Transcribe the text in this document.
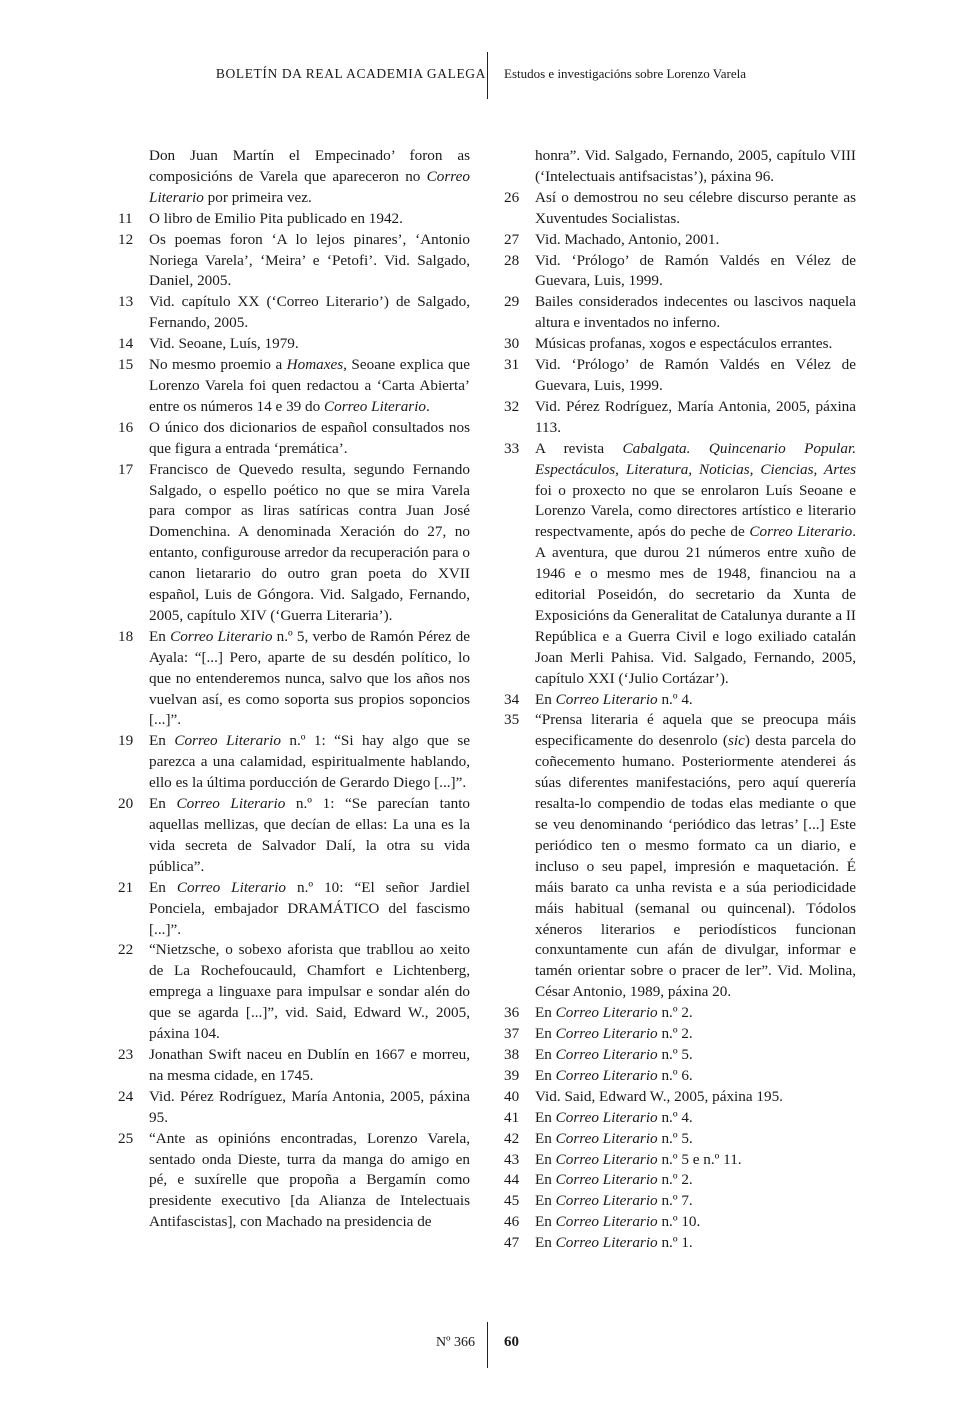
BOLETÍN DA REAL ACADEMIA GALEGA Estudos e investigacións sobre Lorenzo Varela
Don Juan Martín el Empecinado’ foron as composicións de Varela que apareceron no Correo Literario por primeira vez.
11	O libro de Emilio Pita publicado en 1942.
12	Os poemas foron ‘A lo lejos pinares’, ‘Antonio Noriega Varela’, ‘Meira’ e ‘Petofi’. Vid. Salgado, Daniel, 2005.
13	Vid. capítulo XX (‘Correo Literario’) de Salgado, Fernando, 2005.
14	Vid. Seoane, Luís, 1979.
15	No mesmo proemio a Homaxes, Seoane explica que Lorenzo Varela foi quen redactou a ‘Carta Abierta’ entre os números 14 e 39 do Correo Literario.
16	O único dos dicionarios de español consultados nos que figura a entrada ‘premática’.
17	Francisco de Quevedo resulta, segundo Fernando Salgado, o espello poético no que se mira Varela para compor as liras satíricas contra Juan José Domenchina. A denominada Xeración do 27, no entanto, configurouse arredor da recuperación para o canon lietarario do outro gran poeta do XVII español, Luis de Góngora. Vid. Salgado, Fernando, 2005, capítulo XIV (‘Guerra Literaria’).
18	En Correo Literario n.º 5, verbo de Ramón Pérez de Ayala: “[...] Pero, aparte de su desdén político, lo que no entenderemos nunca, salvo que los años nos vuelvan así, es como soporta sus propios soponcios [...]”.
19	En Correo Literario n.º 1: “Si hay algo que se parezca a una calamidad, espiritualmente hablando, ello es la última porducción de Gerardo Diego [...]”.
20	En Correo Literario n.º 1: “Se parecían tanto aquellas mellizas, que decían de ellas: La una es la vida secreta de Salvador Dalí, la otra su vida pública”.
21	En Correo Literario n.º 10: “El señor Jardiel Ponciela, embajador DRAMÁTICO del fascismo [...]”.
22	“Nietzsche, o sobexo aforista que trabllou ao xeito de La Rochefoucauld, Chamfort e Lichtenberg, emprega a linguaxe para impulsar e sondar alén do que se agarda [...]”, vid. Said, Edward W., 2005, páxina 104.
23	Jonathan Swift naceu en Dublín en 1667 e morreu, na mesma cidade, en 1745.
24	Vid. Pérez Rodríguez, María Antonia, 2005, páxina 95.
25	“Ante as opinións encontradas, Lorenzo Varela, sentado onda Dieste, turra da manga do amigo en pé, e suxírelle que propoña a Bergamín como presidente executivo [da Alianza de Intelectuais Antifascistas], con Machado na presidencia de
honra”. Vid. Salgado, Fernando, 2005, capítulo VIII (‘Intelectuais antifsacistas’), páxina 96.
26	Así o demostrou no seu célebre discurso perante as Xuventudes Socialistas.
27	Vid. Machado, Antonio, 2001.
28	Vid. ‘Prólogo’ de Ramón Valdés en Vélez de Guevara, Luis, 1999.
29	Bailes considerados indecentes ou lascivos naquela altura e inventados no inferno.
30	Músicas profanas, xogos e espectáculos errantes.
31	Vid. ‘Prólogo’ de Ramón Valdés en Vélez de Guevara, Luis, 1999.
32	Vid. Pérez Rodríguez, María Antonia, 2005, páxina 113.
33	A revista Cabalgata. Quincenario Popular. Espectáculos, Literatura, Noticias, Ciencias, Artes foi o proxecto no que se enrolaron Luís Seoane e Lorenzo Varela, como directores artístico e literario respectvamente, após do peche de Correo Literario. A aventura, que durou 21 números entre xuño de 1946 e o mesmo mes de 1948, financiou na a editorial Poseidón, do secretario da Xunta de Exposicións da Generalitat de Catalunya durante a II República e a Guerra Civil e logo exiliado catalán Joan Merli Pahisa. Vid. Salgado, Fernando, 2005, capítulo XXI (‘Julio Cortázar’).
34	En Correo Literario n.º 4.
35	“Prensa literaria é aquela que se preocupa máis especificamente do desenrolo (sic) desta parcela do coñecemento humano. Posteriormente atenderei ás súas diferentes manifestacións, pero aquí querería resalta-lo compendio de todas elas mediante o que se veu denominando ‘periódico das letras’ [...] Este periódico ten o mesmo formato ca un diario, e incluso o seu papel, impresión e maquetación. É máis barato ca unha revista e a súa periodicidade máis habitual (semanal ou quincenal). Tódolos xéneros literarios e periodísticos funcionan conxuntamente cun afán de divulgar, informar e tamén orientar sobre o pracer de ler”. Vid. Molina, César Antonio, 1989, páxina 20.
36	En Correo Literario n.º 2.
37	En Correo Literario n.º 2.
38	En Correo Literario n.º 5.
39	En Correo Literario n.º 6.
40	Vid. Said, Edward W., 2005, páxina 195.
41	En Correo Literario n.º 4.
42	En Correo Literario n.º 5.
43	En Correo Literario n.º 5 e n.º 11.
44	En Correo Literario n.º 2.
45	En Correo Literario n.º 7.
46	En Correo Literario n.º 10.
47	En Correo Literario n.º 1.
Nº 366 60
